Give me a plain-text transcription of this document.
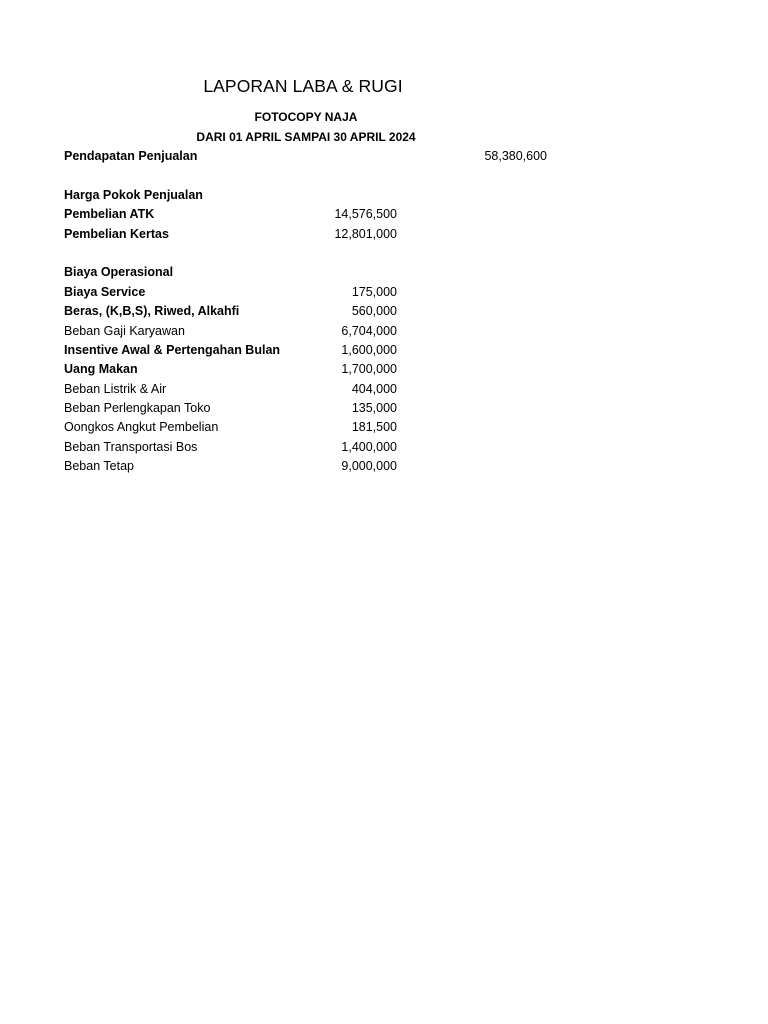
LAPORAN LABA & RUGI
FOTOCOPY NAJA
DARI 01 APRIL SAMPAI 30 APRIL 2024
Pendapatan Penjualan	58,380,600
Harga Pokok Penjualan
Pembelian ATK	14,576,500
Pembelian Kertas	12,801,000
Biaya Operasional
Biaya Service	175,000
Beras, (K,B,S), Riwed, Alkahfi	560,000
Beban Gaji Karyawan	6,704,000
Insentive Awal & Pertengahan Bulan	1,600,000
Uang Makan	1,700,000
Beban Listrik & Air	404,000
Beban Perlengkapan Toko	135,000
Oongkos Angkut Pembelian	181,500
Beban Transportasi Bos	1,400,000
Beban Tetap	9,000,000
